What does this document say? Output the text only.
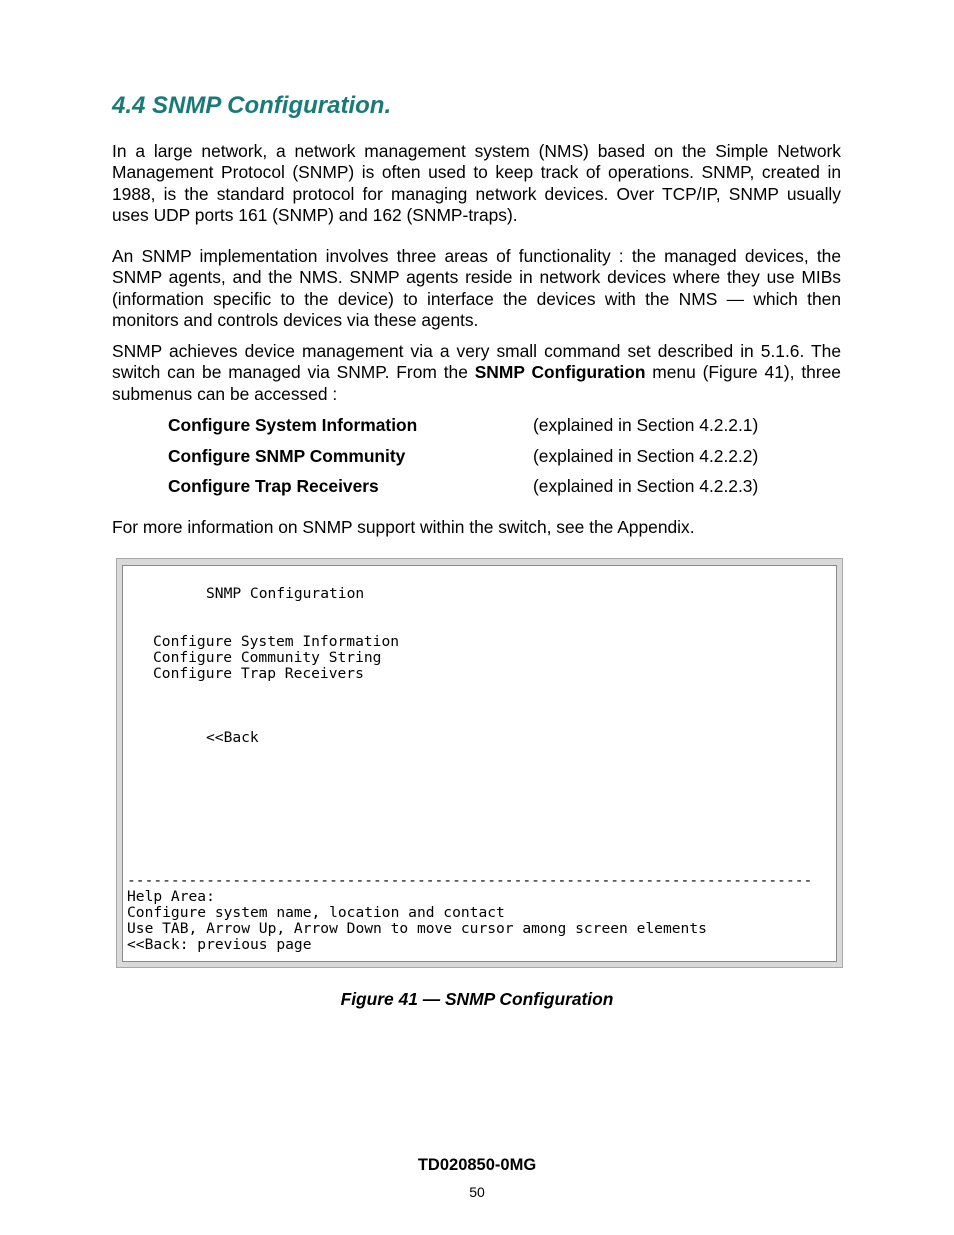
4.4 SNMP Configuration.

In a large network, a network management system (NMS) based on the Simple Network Management Protocol (SNMP) is often used to keep track of operations. SNMP, created in 1988, is the standard protocol for managing network devices. Over TCP/IP, SNMP usually uses UDP ports 161 (SNMP) and 162 (SNMP-traps).

An SNMP implementation involves three areas of functionality : the managed devices, the SNMP agents, and the NMS. SNMP agents reside in network devices where they use MIBs (information specific to the device) to interface the devices with the NMS — which then monitors and controls devices via these agents.

SNMP achieves device management via a very small command set described in 5.1.6. The switch can be managed via SNMP. From the SNMP Configuration menu (Figure 41), three submenus can be accessed :

Configure System Information	(explained in Section 4.2.2.1)
Configure SNMP Community	(explained in Section 4.2.2.2)
Configure Trap Receivers	(explained in Section 4.2.2.3)

For more information on SNMP support within the switch, see the Appendix.

SNMP Configuration
Configure System Information
Configure Community String
Configure Trap Receivers
<<Back
------------------------------------------------------------------------------
Help Area:
Configure system name, location and contact
Use TAB, Arrow Up, Arrow Down to move cursor among screen elements
<<Back: previous page

Figure 41 — SNMP Configuration

TD020850-0MG
50
